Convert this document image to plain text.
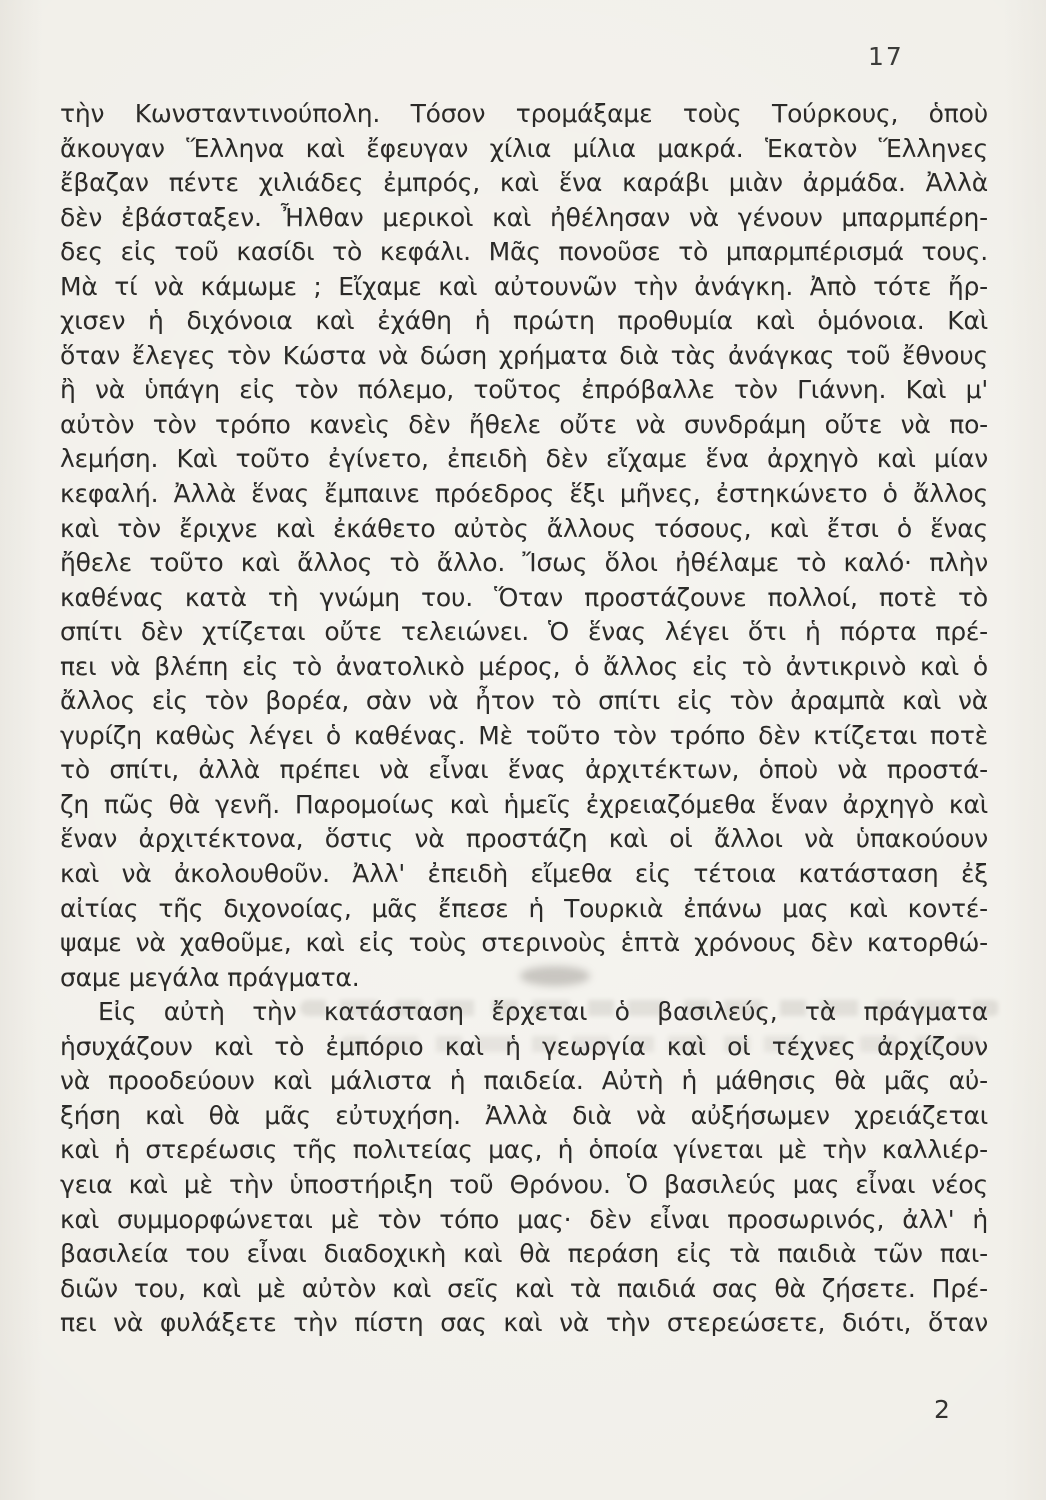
17
τὴν Κωνσταντινούπολη. Τόσον τρομάξαμε τοὺς Τούρκους, ὁποὺ
ἄκουγαν Ἕλληνα καὶ ἔφευγαν χίλια μίλια μακρά. Ἑκατὸν Ἕλληνες
ἔβαζαν πέντε χιλιάδες ἐμπρός, καὶ ἕνα καράβι μιὰν ἀρμάδα. Ἀλλὰ
δὲν ἐβάσταξεν. Ἦλθαν μερικοὶ καὶ ἠθέλησαν νὰ γένουν μπαρμπέρη-
δες εἰς τοῦ κασίδι τὸ κεφάλι. Μᾶς πονοῦσε τὸ μπαρμπέρισμά τους.
Μὰ τί νὰ κάμωμε ; Εἴχαμε καὶ αὐτουνῶν τὴν ἀνάγκη. Ἀπὸ τότε ἤρ-
χισεν ἡ διχόνοια καὶ ἐχάθη ἡ πρώτη προθυμία καὶ ὁμόνοια. Καὶ
ὅταν ἔλεγες τὸν Κώστα νὰ δώση χρήματα διὰ τὰς ἀνάγκας τοῦ ἔθνους
ἢ νὰ ὑπάγη εἰς τὸν πόλεμο, τοῦτος ἐπρόβαλλε τὸν Γιάννη. Καὶ μ'
αὐτὸν τὸν τρόπο κανεὶς δὲν ἤθελε οὔτε νὰ συνδράμη οὔτε νὰ πο-
λεμήση. Καὶ τοῦτο ἐγίνετο, ἐπειδὴ δὲν εἴχαμε ἕνα ἀρχηγὸ καὶ μίαν
κεφαλή. Ἀλλὰ ἕνας ἔμπαινε πρόεδρος ἕξι μῆνες, ἐστηκώνετο ὁ ἄλλος
καὶ τὸν ἔριχνε καὶ ἐκάθετο αὐτὸς ἄλλους τόσους, καὶ ἔτσι ὁ ἕνας
ἤθελε τοῦτο καὶ ἄλλος τὸ ἄλλο. Ἴσως ὅλοι ἠθέλαμε τὸ καλό· πλὴν
καθένας κατὰ τὴ γνώμη του. Ὅταν προστάζουνε πολλοί, ποτὲ τὸ
σπίτι δὲν χτίζεται οὔτε τελειώνει. Ὁ ἕνας λέγει ὅτι ἡ πόρτα πρέ-
πει νὰ βλέπη εἰς τὸ ἀνατολικὸ μέρος, ὁ ἄλλος εἰς τὸ ἀντικρινὸ καὶ ὁ
ἄλλος εἰς τὸν βορέα, σὰν νὰ ἦτον τὸ σπίτι εἰς τὸν ἀραμπὰ καὶ νὰ
γυρίζη καθὼς λέγει ὁ καθένας. Μὲ τοῦτο τὸν τρόπο δὲν κτίζεται ποτὲ
τὸ σπίτι, ἀλλὰ πρέπει νὰ εἶναι ἕνας ἀρχιτέκτων, ὁποὺ νὰ προστά-
ζη πῶς θὰ γενῆ. Παρομοίως καὶ ἡμεῖς ἐχρειαζόμεθα ἕναν ἀρχηγὸ καὶ
ἕναν ἀρχιτέκτονα, ὅστις νὰ προστάζη καὶ οἱ ἄλλοι νὰ ὑπακούουν
καὶ νὰ ἀκολουθοῦν. Ἀλλ' ἐπειδὴ εἴμεθα εἰς τέτοια κατάσταση ἐξ
αἰτίας τῆς διχονοίας, μᾶς ἔπεσε ἡ Τουρκιὰ ἐπάνω μας καὶ κοντέ-
ψαμε νὰ χαθοῦμε, καὶ εἰς τοὺς στερινοὺς ἑπτὰ χρόνους δὲν κατορθώ-
σαμε μεγάλα πράγματα.
Εἰς αὐτὴ τὴν κατάσταση ἔρχεται ὁ βασιλεύς, τὰ πράγματα
ἡσυχάζουν καὶ τὸ ἐμπόριο καὶ ἡ γεωργία καὶ οἱ τέχνες ἀρχίζουν
νὰ προοδεύουν καὶ μάλιστα ἡ παιδεία. Αὐτὴ ἡ μάθησις θὰ μᾶς αὐ-
ξήση καὶ θὰ μᾶς εὐτυχήση. Ἀλλὰ διὰ νὰ αὐξήσωμεν χρειάζεται
καὶ ἡ στερέωσις τῆς πολιτείας μας, ἡ ὁποία γίνεται μὲ τὴν καλλιέρ-
γεια καὶ μὲ τὴν ὑποστήριξη τοῦ Θρόνου. Ὁ βασιλεύς μας εἶναι νέος
καὶ συμμορφώνεται μὲ τὸν τόπο μας· δὲν εἶναι προσωρινός, ἀλλ' ἡ
βασιλεία του εἶναι διαδοχικὴ καὶ θὰ περάση εἰς τὰ παιδιὰ τῶν παι-
διῶν του, καὶ μὲ αὐτὸν καὶ σεῖς καὶ τὰ παιδιά σας θὰ ζήσετε. Πρέ-
πει νὰ φυλάξετε τὴν πίστη σας καὶ νὰ τὴν στερεώσετε, διότι, ὅταν
2
